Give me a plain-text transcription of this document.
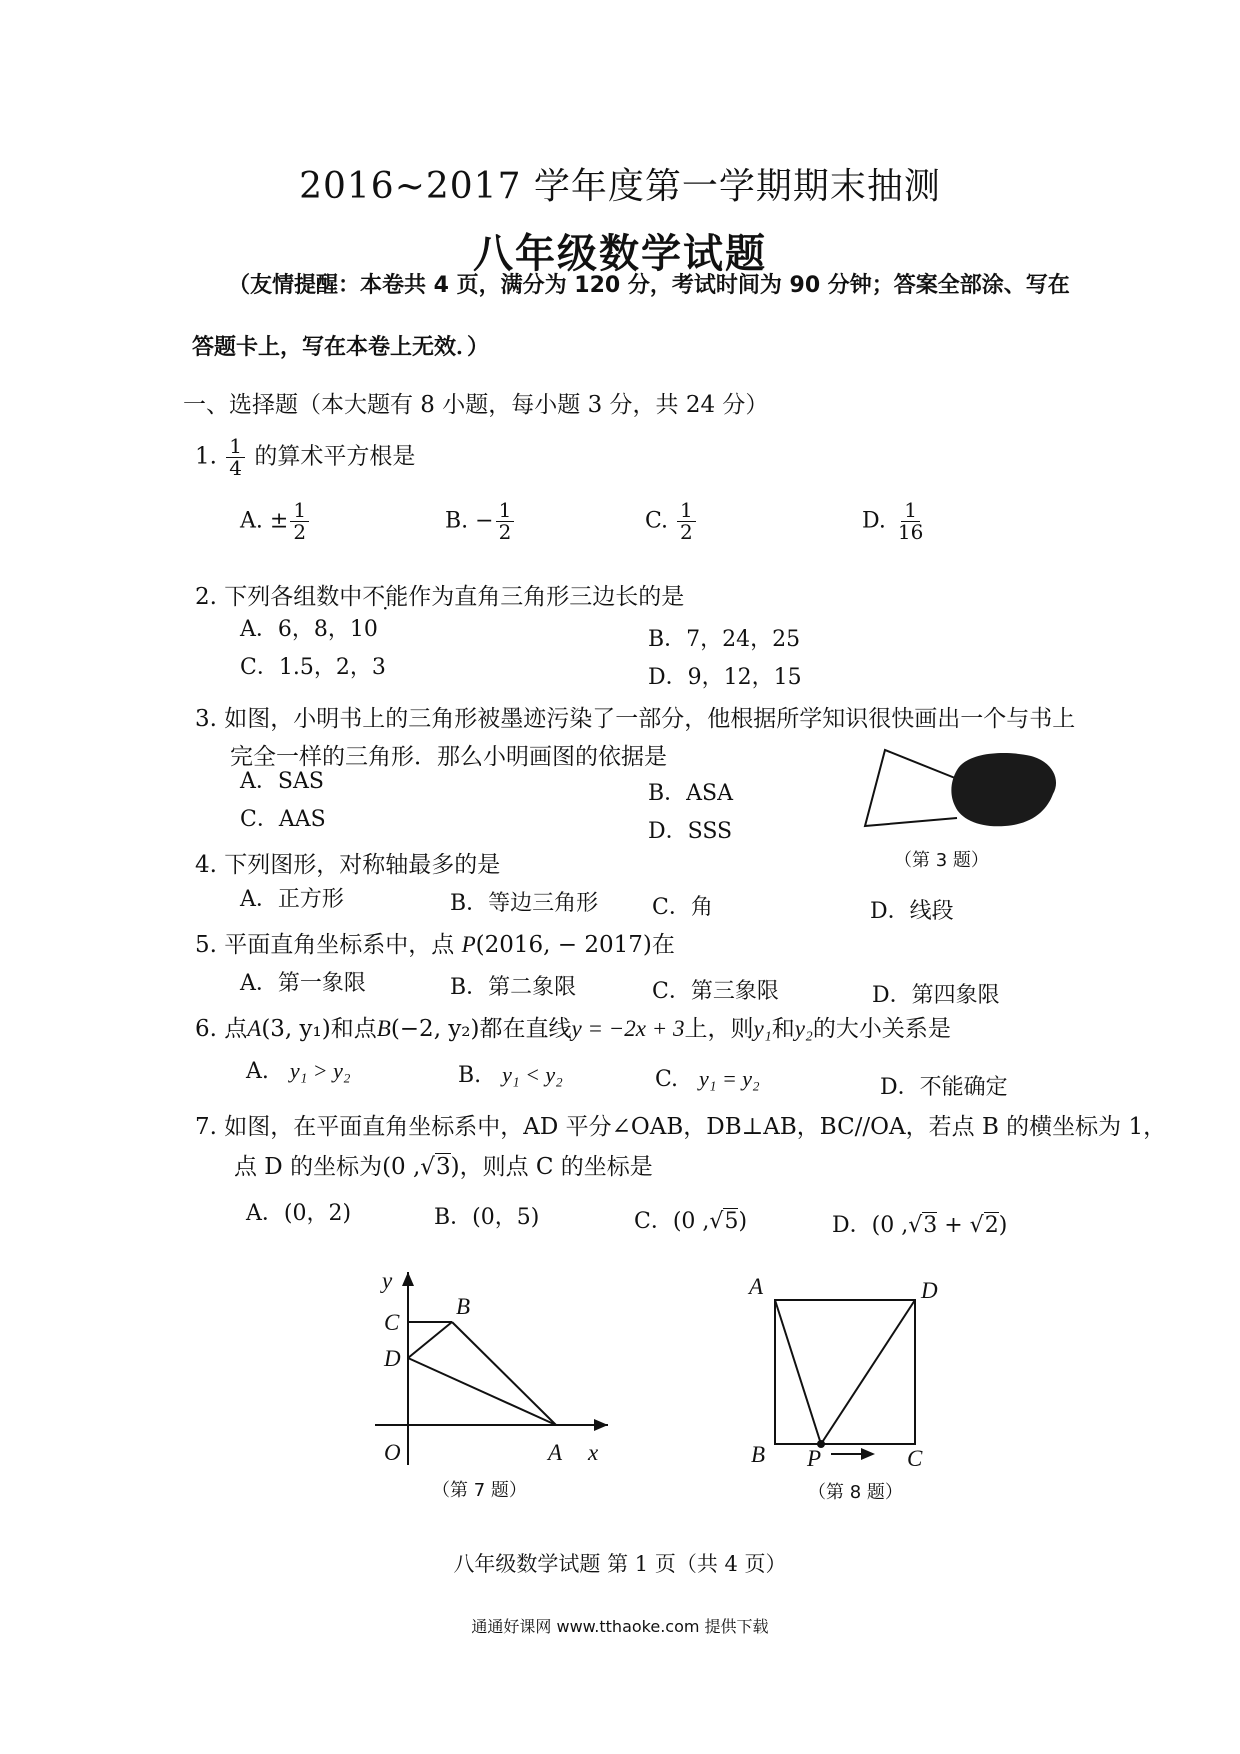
2016~2017 学年度第一学期期末抽测
八年级数学试题
（友情提醒：本卷共 4 页，满分为 120 分，考试时间为 90 分钟；答案全部涂、写在
答题卡上，写在本卷上无效．）
一、选择题（本大题有 8 小题，每小题 3 分，共 24 分）
1. $\frac{1}{4}$ 的算术平方根是
A. ± $\frac{1}{2}$	B. − $\frac{1}{2}$	C. $\frac{1}{2}$	D. $\frac{1}{16}$
2. 下列各组数中不能作为直角三角形三边长的是
A．6，8，10	B．7，24，25
C．1.5，2，3	D．9，12，15
3. 如图，小明书上的三角形被墨迹污染了一部分，他根据所学知识很快画出一个与书上
完全一样的三角形．那么小明画图的依据是
A．SAS	B．ASA
C．AAS	D．SSS
（第 3 题）
4. 下列图形，对称轴最多的是
A．正方形	B．等边三角形 C．角	D．线段
5. 平面直角坐标系中，点 P(2016, − 2017)在
A．第一象限	B．第二象限	C．第三象限	D．第四象限
6. 点A(3, y₁)和点B(−2, y₂)都在直线y = −2x + 3上，则y₁和y₂的大小关系是
A. y₁ > y₂	B. y₁ < y₂	C. y₁ = y₂	D．不能确定
7. 如图，在平面直角坐标系中，AD 平分∠OAB，DB⊥AB，BC//OA，若点 B 的横坐标为 1，
点 D 的坐标为(0 ,√3)，则点 C 的坐标是
A．(0，2)	B．(0，5)	C．(0 ,√5)	D．(0 ,√3 + √2)
y
x
O	A
B
C
D
（第 7 题）
A	D
B P	C
（第 8 题）
八年级数学试题 第 1 页（共 4 页）
通通好课网 www.tthaoke.com 提供下载
